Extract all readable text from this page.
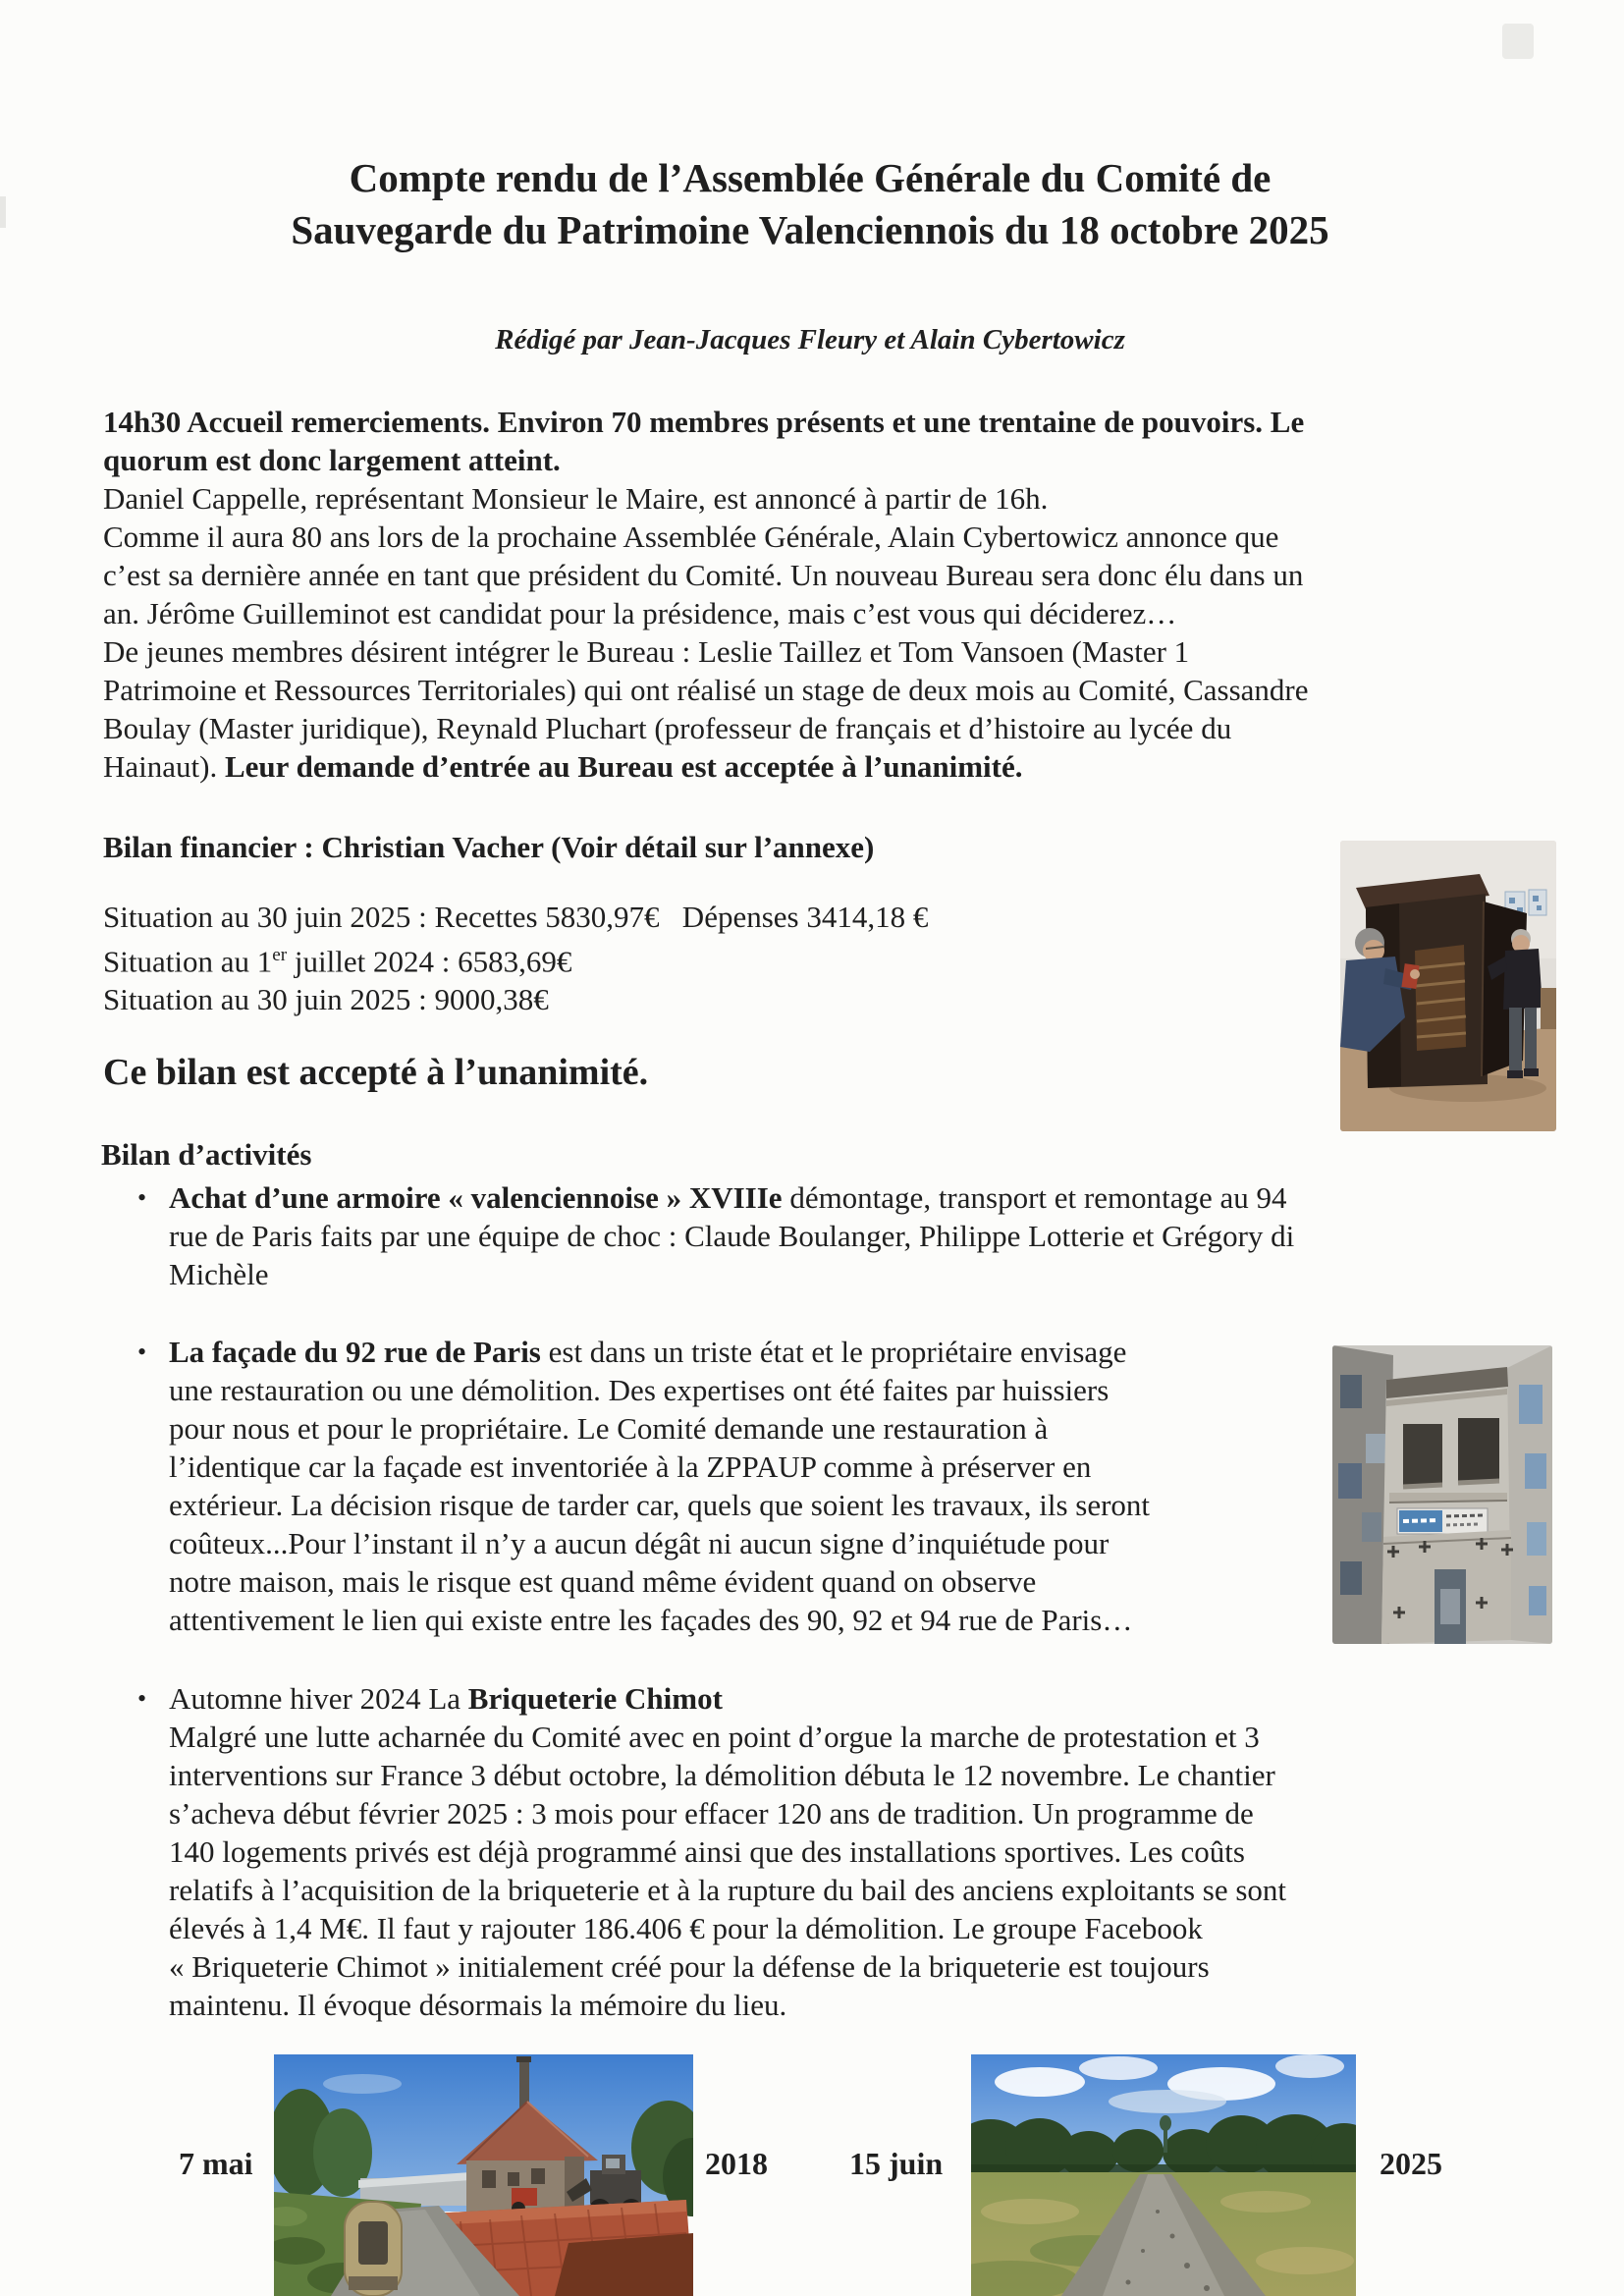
Compte rendu de l’Assemblée Générale du Comité de
Sauvegarde du Patrimoine Valenciennois du 18 octobre 2025
Rédigé par Jean-Jacques Fleury et Alain Cybertowicz
14h30 Accueil remerciements. Environ 70 membres présents et une trentaine de pouvoirs. Le
quorum est donc largement atteint.
Daniel Cappelle, représentant Monsieur le Maire, est annoncé à partir de 16h.
Comme il aura 80 ans lors de la prochaine Assemblée Générale, Alain Cybertowicz annonce que
c’est sa dernière année en tant que président du Comité. Un nouveau Bureau sera donc élu dans un
an. Jérôme Guilleminot est candidat pour la présidence, mais c’est vous qui déciderez…
De jeunes membres désirent intégrer le Bureau : Leslie Taillez et Tom Vansoen (Master 1
Patrimoine et Ressources Territoriales) qui ont réalisé un stage de deux mois au Comité, Cassandre
Boulay (Master juridique), Reynald Pluchart (professeur de français et d’histoire au lycée du
Hainaut). Leur demande d’entrée au Bureau est acceptée à l’unanimité.
Bilan financier : Christian Vacher (Voir détail sur l’annexe)
Situation au 30 juin 2025 : Recettes 5830,97€   Dépenses 3414,18 €
Situation au 1er juillet 2024 : 6583,69€
Situation au 30 juin 2025 : 9000,38€
Ce bilan est accepté à l’unanimité.
Bilan d’activités
• Achat d’une armoire « valenciennoise » XVIIIe démontage, transport et remontage au 94
rue de Paris faits par une équipe de choc : Claude Boulanger, Philippe Lotterie et Grégory di
Michèle
• La façade du 92 rue de Paris est dans un triste état et le propriétaire envisage
une restauration ou une démolition. Des expertises ont été faites par huissiers
pour nous et pour le propriétaire. Le Comité demande une restauration à
l’identique car la façade est inventoriée à la ZPPAUP comme à préserver en
extérieur. La décision risque de tarder car, quels que soient les travaux, ils seront
coûteux...Pour l’instant il n’y a aucun dégât ni aucun signe d’inquiétude pour
notre maison, mais le risque est quand même évident quand on observe
attentivement le lien qui existe entre les façades des 90, 92 et 94 rue de Paris…
• Automne hiver 2024 La Briqueterie Chimot
Malgré une lutte acharnée du Comité avec en point d’orgue la marche de protestation et 3
interventions sur France 3 début octobre, la démolition débuta le 12 novembre. Le chantier
s’acheva début février 2025 : 3 mois pour effacer 120 ans de tradition. Un programme de
140 logements privés est déjà programmé ainsi que des installations sportives. Les coûts
relatifs à l’acquisition de la briqueterie et à la rupture du bail des anciens exploitants se sont
élevés à 1,4 M€. Il faut y rajouter 186.406 € pour la démolition. Le groupe Facebook
« Briqueterie Chimot » initialement créé pour la défense de la briqueterie est toujours
maintenu. Il évoque désormais la mémoire du lieu.
7 mai	2018	15 juin	2025
